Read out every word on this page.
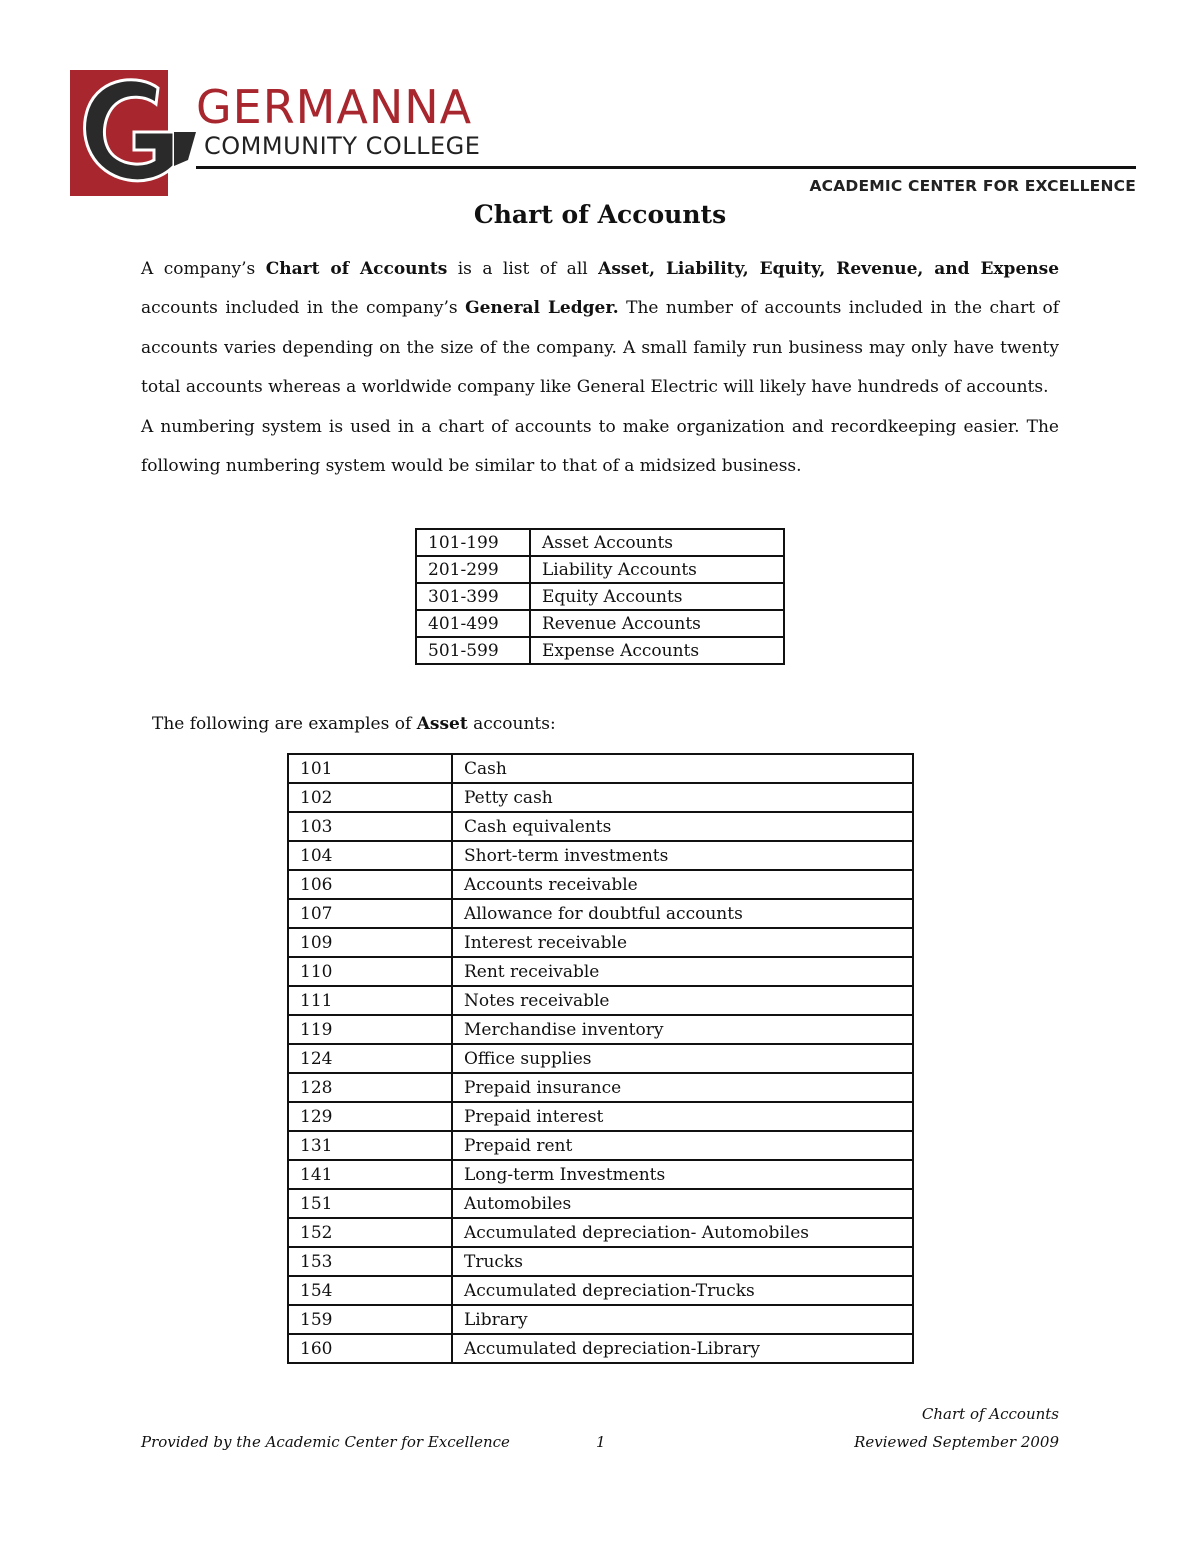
GERMANNA
COMMUNITY COLLEGE
ACADEMIC CENTER FOR EXCELLENCE
Chart of Accounts

A company’s Chart of Accounts is a list of all Asset, Liability, Equity, Revenue, and Expense accounts included in the company’s General Ledger. The number of accounts included in the chart of accounts varies depending on the size of the company. A small family run business may only have twenty total accounts whereas a worldwide company like General Electric will likely have hundreds of accounts.

A numbering system is used in a chart of accounts to make organization and recordkeeping easier. The following numbering system would be similar to that of a midsized business.

101-199	Asset Accounts
201-299	Liability Accounts
301-399	Equity Accounts
401-499	Revenue Accounts
501-599	Expense Accounts
The following are examples of Asset accounts:
101	Cash
102	Petty cash
103	Cash equivalents
104	Short-term investments
106	Accounts receivable
107	Allowance for doubtful accounts
109	Interest receivable
110	Rent receivable
111	Notes receivable
119	Merchandise inventory
124	Office supplies
128	Prepaid insurance
129	Prepaid interest
131	Prepaid rent
141	Long-term Investments
151	Automobiles
152	Accumulated depreciation- Automobiles
153	Trucks
154	Accumulated depreciation-Trucks
159	Library
160	Accumulated depreciation-Library
Chart of Accounts
Provided by the Academic Center for Excellence	1	Reviewed September 2009
